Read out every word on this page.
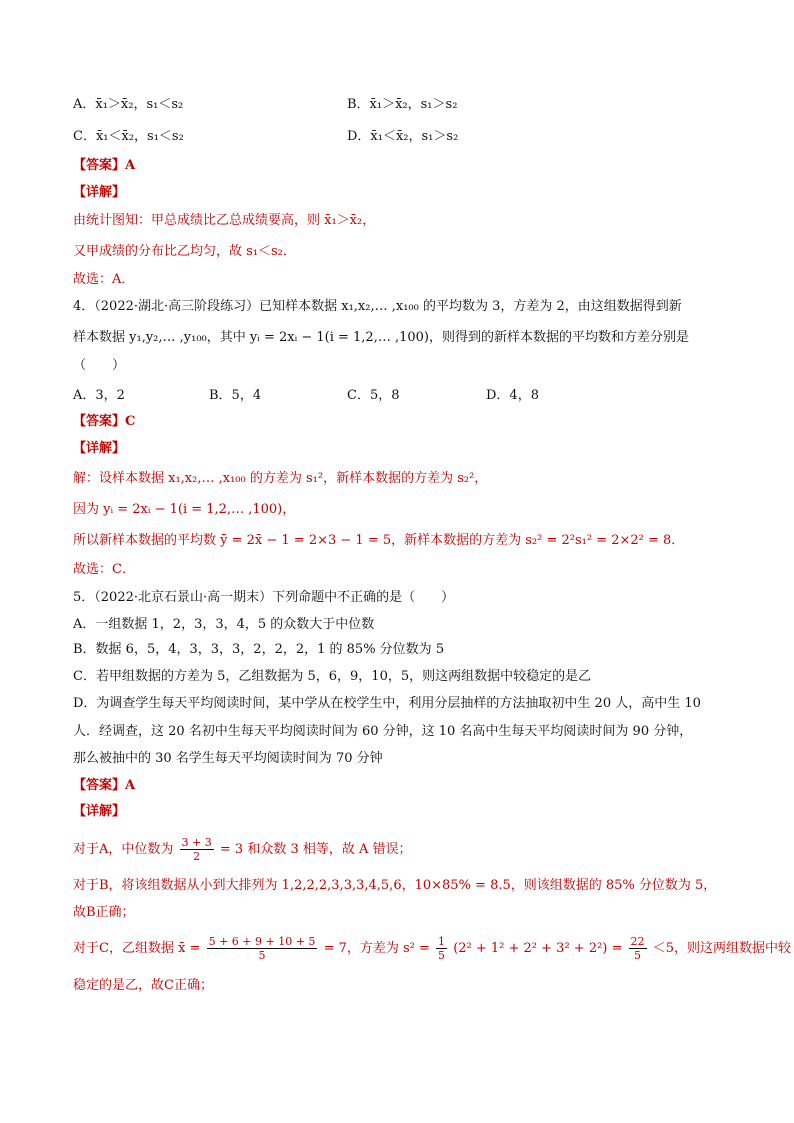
A．x̄₁＞x̄₂，s₁＜s₂	B．x̄₁＞x̄₂，s₁＞s₂
C．x̄₁＜x̄₂，s₁＜s₂	D．x̄₁＜x̄₂，s₁＞s₂
【答案】A
【详解】
由统计图知：甲总成绩比乙总成绩要高，则 x̄₁＞x̄₂，
又甲成绩的分布比乙均匀，故 s₁＜s₂．
故选：A．
4．（2022·湖北·高三阶段练习）已知样本数据 x₁,x₂,… ,x₁₀₀ 的平均数为 3，方差为 2，由这组数据得到新
样本数据 y₁,y₂,… ,y₁₀₀，其中 yᵢ = 2xᵢ − 1(i = 1,2,… ,100)，则得到的新样本数据的平均数和方差分别是
（　　）
A．3，2	B．5，4	C．5，8	D．4，8
【答案】C
【详解】
解：设样本数据 x₁,x₂,… ,x₁₀₀ 的方差为 s₁²，新样本数据的方差为 s₂²，
因为 yᵢ = 2xᵢ − 1(i = 1,2,… ,100)，
所以新样本数据的平均数 ȳ = 2x̄ − 1 = 2×3 − 1 = 5，新样本数据的方差为 s₂² = 2²s₁² = 2×2² = 8．
故选：C．
5．（2022·北京石景山·高一期末）下列命题中不正确的是（　　）
A．一组数据 1，2，3，3，4，5 的众数大于中位数
B．数据 6，5，4，3，3，3，2，2，2，1 的 85% 分位数为 5
C．若甲组数据的方差为 5，乙组数据为 5，6，9，10，5，则这两组数据中较稳定的是乙
D．为调查学生每天平均阅读时间，某中学从在校学生中，利用分层抽样的方法抽取初中生 20 人，高中生 10
人．经调查，这 20 名初中生每天平均阅读时间为 60 分钟，这 10 名高中生每天平均阅读时间为 90 分钟，
那么被抽中的 30 名学生每天平均阅读时间为 70 分钟
【答案】A
【详解】
对于A，中位数为 $\frac{3 + 3}{2} = 3$ 和众数 3 相等，故 A 错误；
对于B，将该组数据从小到大排列为 1,2,2,2,3,3,3,4,5,6，10×85% = 8.5，则该组数据的 85% 分位数为 5，
故B正确；
对于C，乙组数据 x̄ = $\frac{5 + 6 + 9 + 10 + 5}{5} = 7$，方差为 $s^2 = \frac{1}{5} (2^2 + 1^2 + 2^2 + 3^2 + 2^2) = \frac{22}{5} <5$，则这两组数据中较
稳定的是乙，故C正确；
